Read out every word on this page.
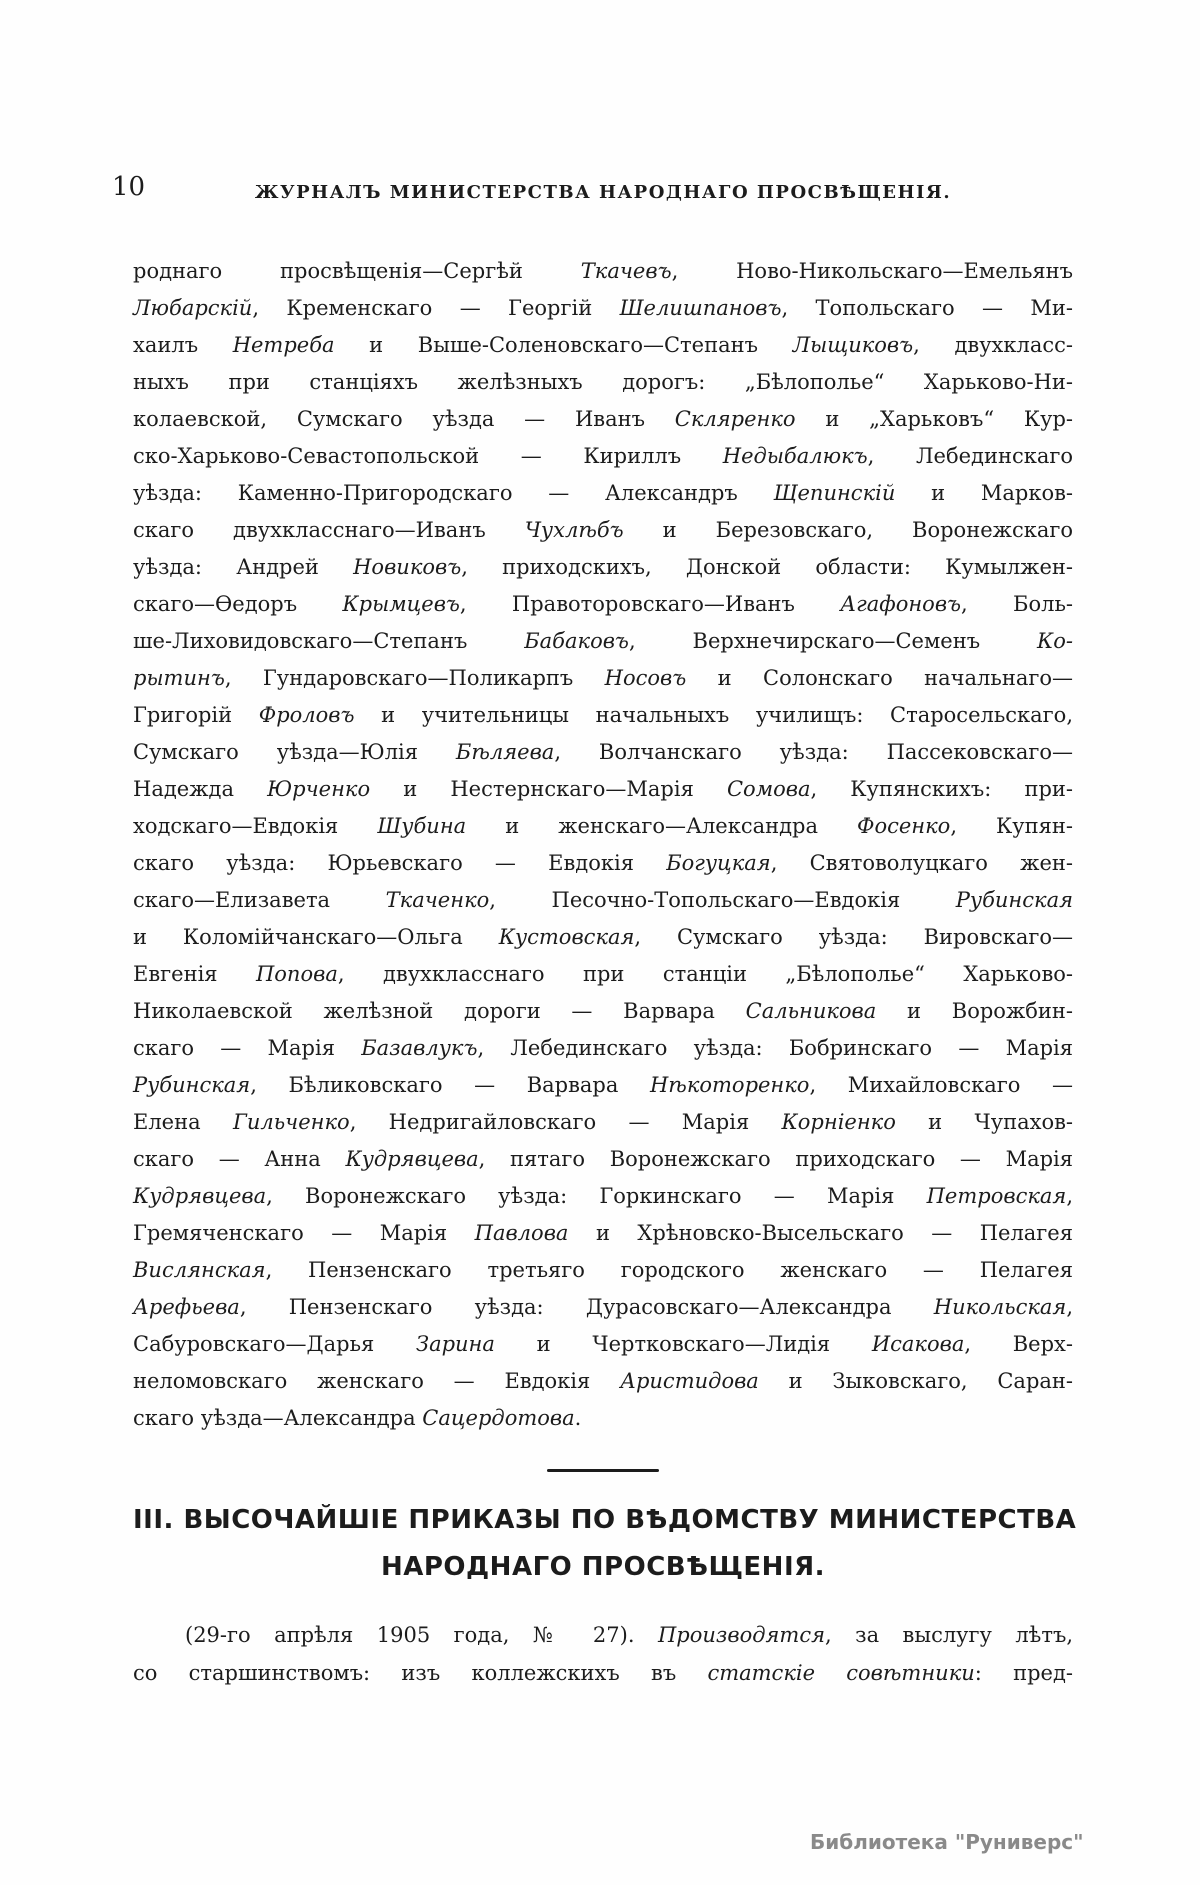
10	ЖУРНАЛЪ МИНИСТЕРСТВА НАРОДНАГО ПРОСВѢЩЕНІЯ.
роднаго просвѣщенія—Сергѣй Ткачевъ, Ново-Никольскаго—Емельянъ
Любарскій, Кременскаго — Георгій Шелишпановъ, Топольскаго — Ми-
хаилъ Нетреба и Выше-Соленовскаго—Степанъ Лыщиковъ, двухкласс-
ныхъ при станціяхъ желѣзныхъ дорогъ: „Бѣлополье“ Харьково-Ни-
колаевской, Сумскаго уѣзда — Иванъ Скляренко и „Харьковъ“ Кур-
ско-Харьково-Севастопольской — Кириллъ Недыбалюкъ, Лебединскаго
уѣзда: Каменно-Пригородскаго — Александръ Щепинскій и Марков-
скаго двухкласснаго—Иванъ Чухлѣбъ и Березовскаго, Воронежскаго
уѣзда: Андрей Новиковъ, приходскихъ, Донской области: Кумылжен-
скаго—Ѳедоръ Крымцевъ, Правоторовскаго—Иванъ Агафоновъ, Боль-
ше-Лиховидовскаго—Степанъ Бабаковъ, Верхнечирскаго—Семенъ Ко-
рытинъ, Гундаровскаго—Поликарпъ Носовъ и Солонскаго начальнаго—
Григорій Фроловъ и учительницы начальныхъ училищъ: Старосельскаго,
Сумскаго уѣзда—Юлія Бѣляева, Волчанскаго уѣзда: Пассековскаго—
Надежда Юрченко и Нестернскаго—Марія Сомова, Купянскихъ: при-
ходскаго—Евдокія Шубина и женскаго—Александра Фосенко, Купян-
скаго уѣзда: Юрьевскаго — Евдокія Богуцкая, Святоволуцкаго жен-
скаго—Елизавета Ткаченко, Песочно-Топольскаго—Евдокія Рубинская
и Коломійчанскаго—Ольга Кустовская, Сумскаго уѣзда: Вировскаго—
Евгенія Попова, двухкласснаго при станціи „Бѣлополье“ Харьково-
Николаевской желѣзной дороги — Варвара Сальникова и Ворожбин-
скаго — Марія Базавлукъ, Лебединскаго уѣзда: Бобринскаго — Марія
Рубинская, Бѣликовскаго — Варвара Нѣкоторенко, Михайловскаго —
Елена Гильченко, Недригайловскаго — Марія Корніенко и Чупахов-
скаго — Анна Кудрявцева, пятаго Воронежскаго приходскаго — Марія
Кудрявцева, Воронежскаго уѣзда: Горкинскаго — Марія Петровская,
Гремяченскаго — Марія Павлова и Хрѣновско-Высельскаго — Пелагея
Вислянская, Пензенскаго третьяго городского женскаго — Пелагея
Арефьева, Пензенскаго уѣзда: Дурасовскаго—Александра Никольская,
Сабуровскаго—Дарья Зарина и Чертковскаго—Лидія Исакова, Верх-
неломовскаго женскаго — Евдокія Аристидова и Зыковскаго, Саран-
скаго уѣзда—Александра Сацердотова.
III. ВЫСОЧАЙШІЕ ПРИКАЗЫ ПО ВѢДОМСТВУ МИНИСТЕРСТВА
НАРОДНАГО ПРОСВѢЩЕНІЯ.
(29-го апрѣля 1905 года, № 27). Производятся, за выслугу лѣтъ,
со старшинствомъ: изъ коллежскихъ въ статскіе совѣтники: пред-
Библиотека "Руниверс"
